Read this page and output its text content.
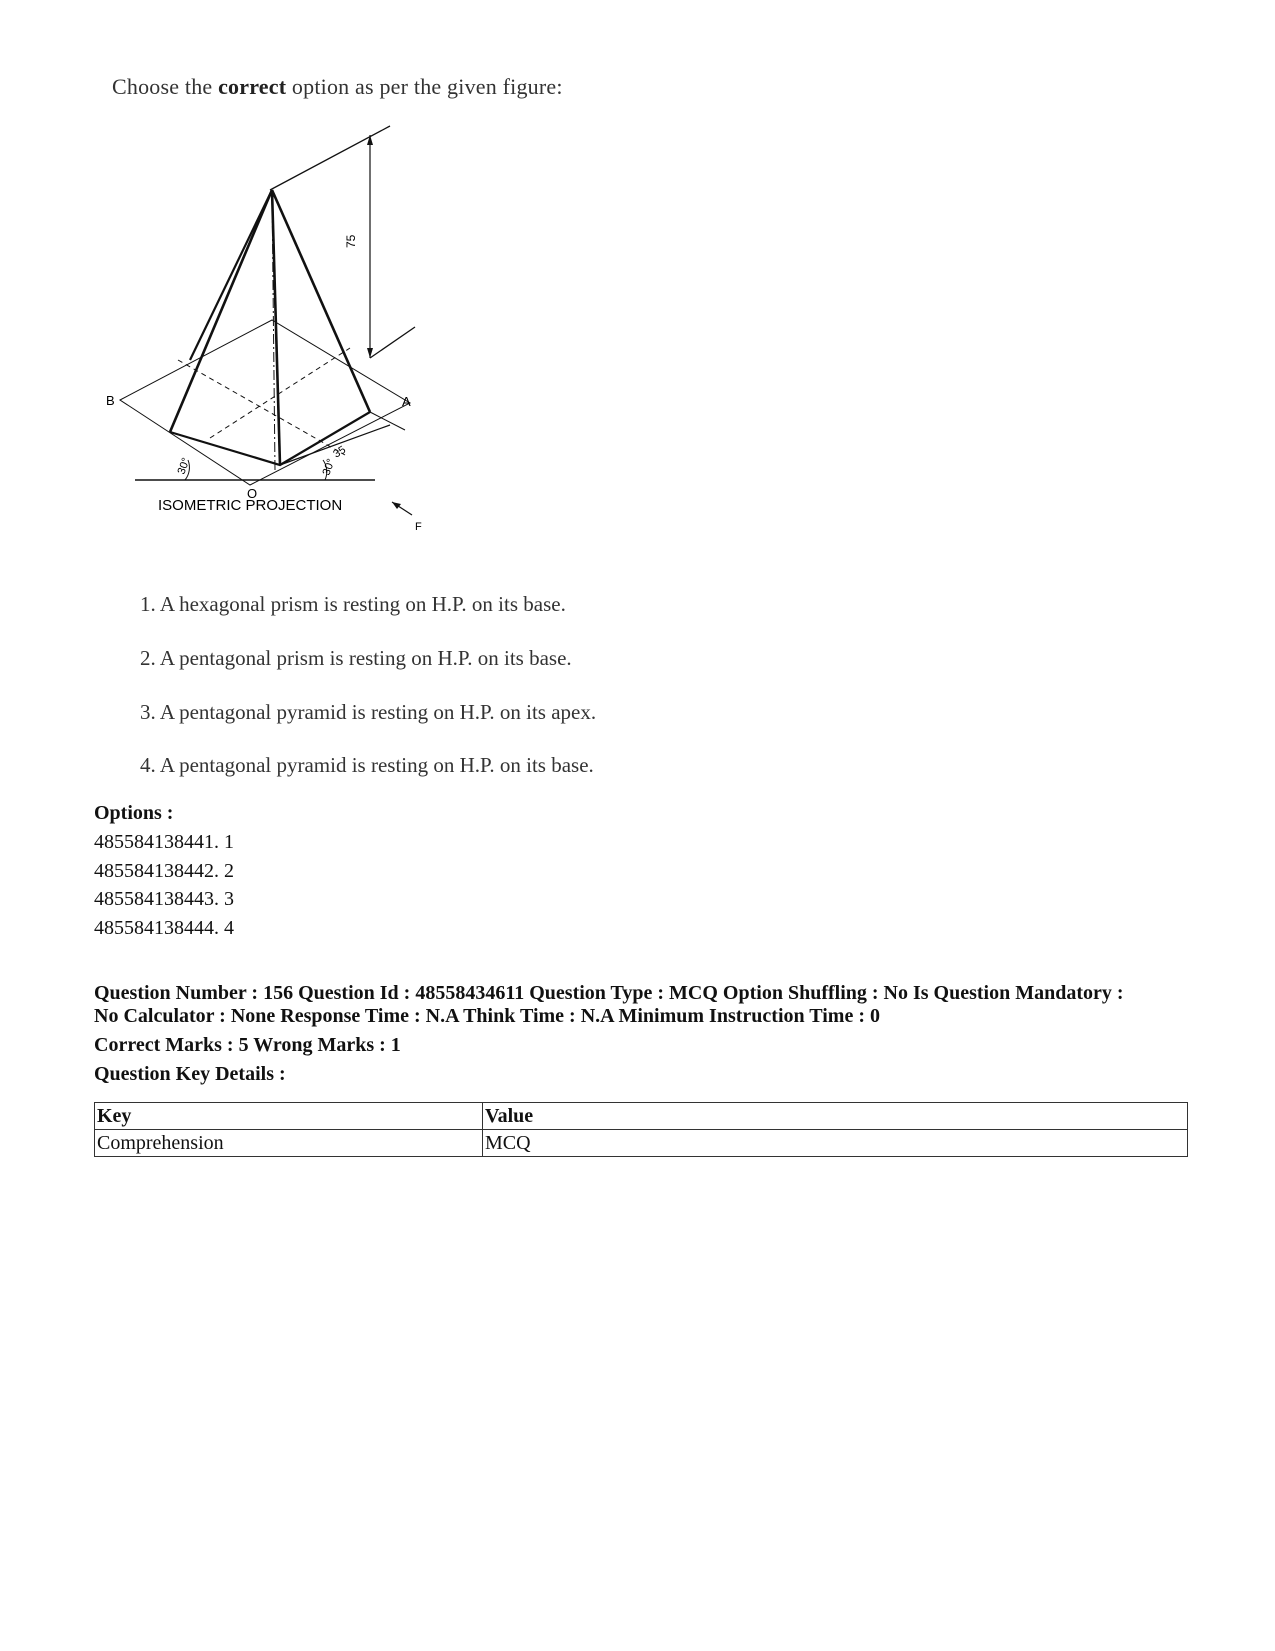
Choose the correct option as per the given figure:
75
B	A
O
35
30°	30°
ISOMETRIC PROJECTION
F
1. A hexagonal prism is resting on H.P. on its base.
2. A pentagonal prism is resting on H.P. on its base.
3. A pentagonal pyramid is resting on H.P. on its apex.
4. A pentagonal pyramid is resting on H.P. on its base.
Options :
485584138441. 1
485584138442. 2
485584138443. 3
485584138444. 4
Question Number : 156 Question Id : 48558434611 Question Type : MCQ Option Shuffling : No Is Question Mandatory :
No Calculator : None Response Time : N.A Think Time : N.A Minimum Instruction Time : 0
Correct Marks : 5 Wrong Marks : 1
Question Key Details :
Key	Value
Comprehension	MCQ
